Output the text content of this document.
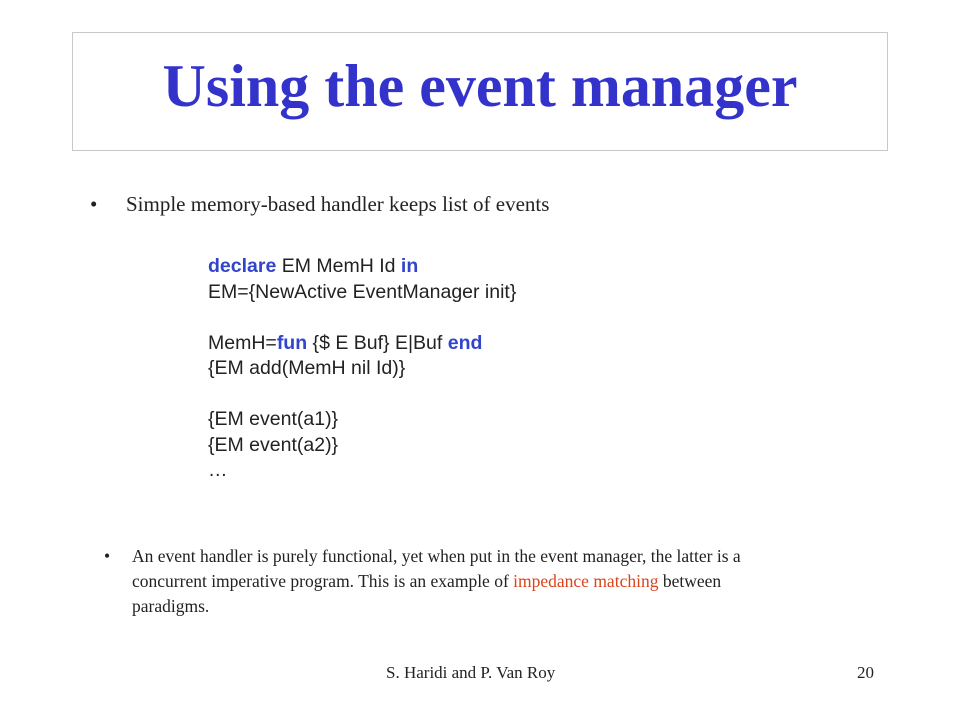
Using the event manager
•	Simple memory-based handler keeps list of events
declare EM MemH Id in
EM={NewActive EventManager init}
MemH=fun {$ E Buf} E|Buf end
{EM add(MemH nil Id)}
{EM event(a1)}
{EM event(a2)}
…
•	An event handler is purely functional, yet when put in the event manager, the latter is a concurrent imperative program. This is an example of impedance matching between paradigms.
S. Haridi and P. Van Roy	20
